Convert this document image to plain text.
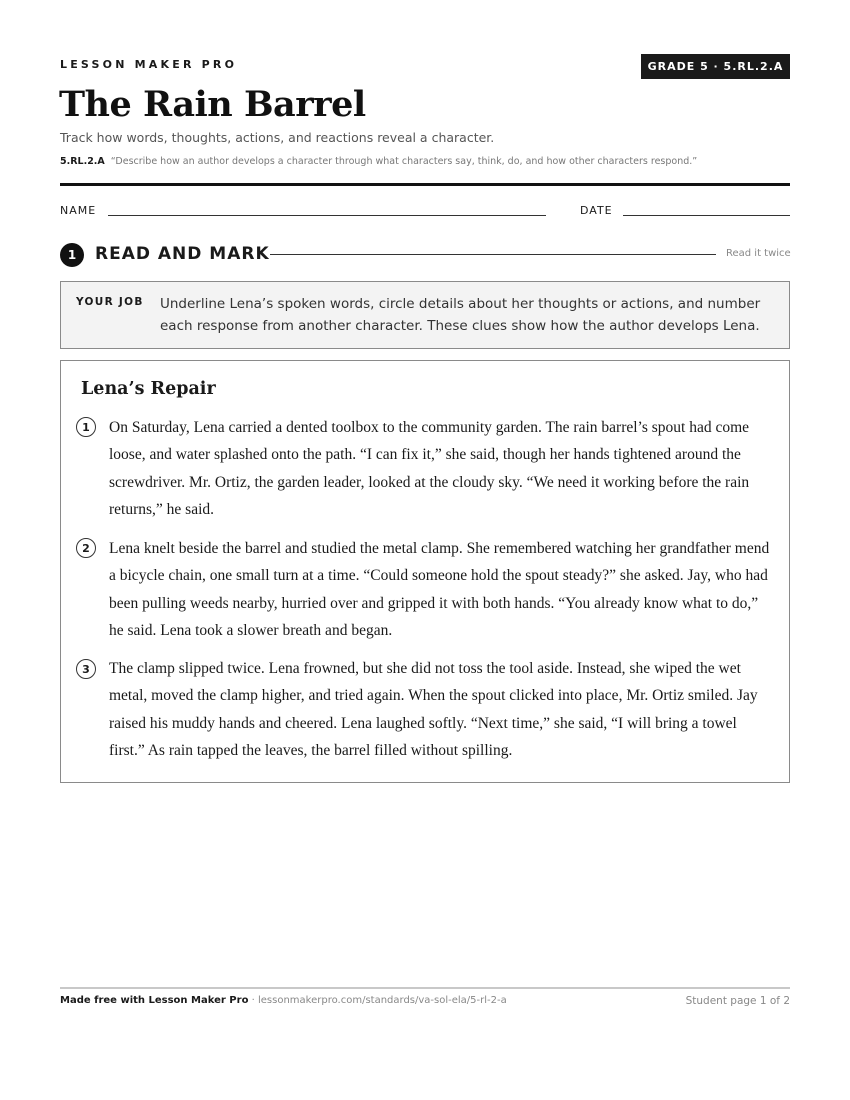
LESSON MAKER PRO	GRADE 5 · 5.RL.2.A
The Rain Barrel
Track how words, thoughts, actions, and reactions reveal a character.
5.RL.2.A “Describe how an author develops a character through what characters say, think, do, and how other characters respond.”
NAME	DATE
1	READ AND MARK	Read it twice
YOUR JOB Underline Lena’s spoken words, circle details about her thoughts or actions, and number each response from another character. These clues show how the author develops Lena.
Lena’s Repair
1	On Saturday, Lena carried a dented toolbox to the community garden. The rain barrel’s spout had come loose, and water splashed onto the path. “I can fix it,” she said, though her hands tightened around the screwdriver. Mr. Ortiz, the garden leader, looked at the cloudy sky. “We need it working before the rain returns,” he said.
2	Lena knelt beside the barrel and studied the metal clamp. She remembered watching her grandfather mend a bicycle chain, one small turn at a time. “Could someone hold the spout steady?” she asked. Jay, who had been pulling weeds nearby, hurried over and gripped it with both hands. “You already know what to do,” he said. Lena took a slower breath and began.
3	The clamp slipped twice. Lena frowned, but she did not toss the tool aside. Instead, she wiped the wet metal, moved the clamp higher, and tried again. When the spout clicked into place, Mr. Ortiz smiled. Jay raised his muddy hands and cheered. Lena laughed softly. “Next time,” she said, “I will bring a towel first.” As rain tapped the leaves, the barrel filled without spilling.
Made free with Lesson Maker Pro · lessonmakerpro.com/standards/va-sol-ela/5-rl-2-a	Student page 1 of 2
